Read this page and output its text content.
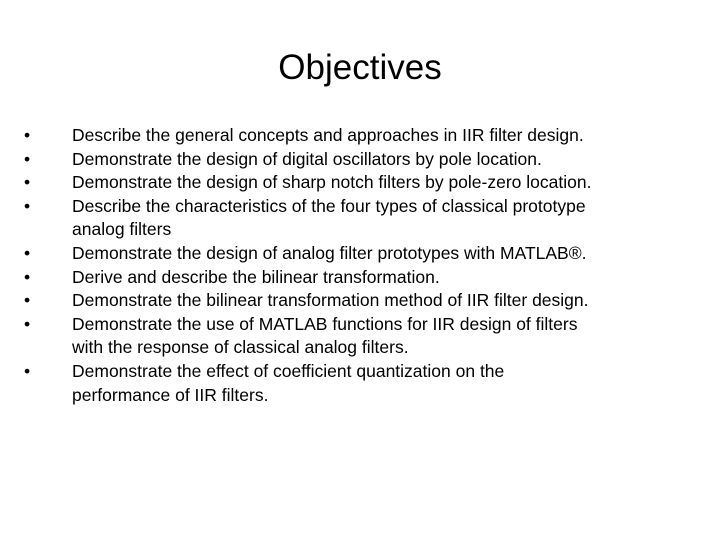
Objectives
•	Describe the general concepts and approaches in IIR filter design.
•	Demonstrate the design of digital oscillators by pole location.
•	Demonstrate the design of sharp notch filters by pole-zero location.
•	Describe the characteristics of the four types of classical prototype
analog filters
•	Demonstrate the design of analog filter prototypes with MATLAB®.
•	Derive and describe the bilinear transformation.
•	Demonstrate the bilinear transformation method of IIR filter design.
•	Demonstrate the use of MATLAB functions for IIR design of filters
with the response of classical analog filters.
•	Demonstrate the effect of coefficient quantization on the
performance of IIR filters.
